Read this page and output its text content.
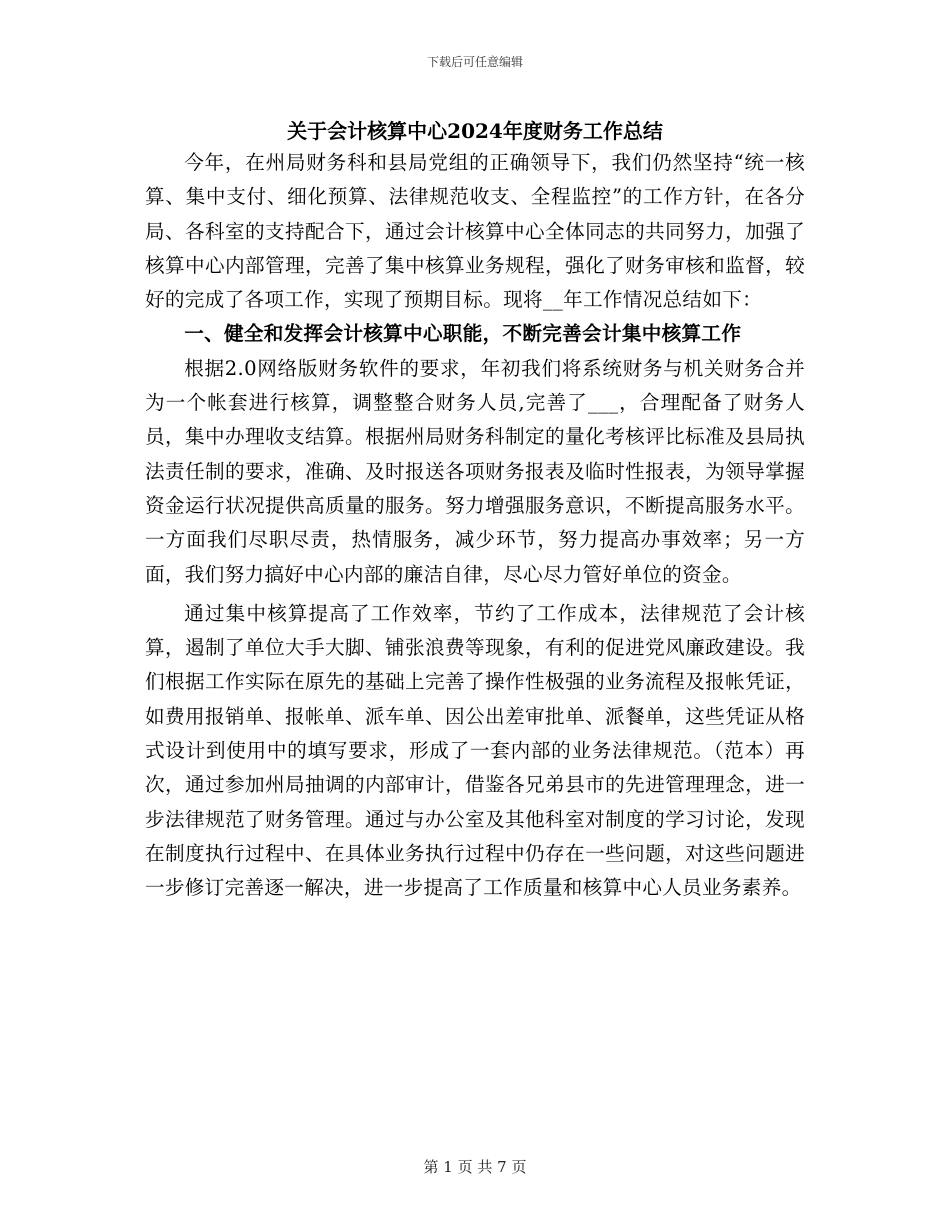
下载后可任意编辑
关于会计核算中心2024年度财务工作总结

今年，在州局财务科和县局党组的正确领导下，我们仍然坚持“统一核算、集中支付、细化预算、法律规范收支、全程监控”的工作方针，在各分局、各科室的支持配合下，通过会计核算中心全体同志的共同努力，加强了核算中心内部管理，完善了集中核算业务规程，强化了财务审核和监督，较好的完成了各项工作，实现了预期目标。现将__年工作情况总结如下：

一、健全和发挥会计核算中心职能，不断完善会计集中核算工作

根据2.0网络版财务软件的要求，年初我们将系统财务与机关财务合并为一个帐套进行核算，调整整合财务人员,完善了___，合理配备了财务人员，集中办理收支结算。根据州局财务科制定的量化考核评比标准及县局执法责任制的要求，准确、及时报送各项财务报表及临时性报表，为领导掌握资金运行状况提供高质量的服务。努力增强服务意识，不断提高服务水平。一方面我们尽职尽责，热情服务，减少环节，努力提高办事效率；另一方面，我们努力搞好中心内部的廉洁自律，尽心尽力管好单位的资金。

通过集中核算提高了工作效率，节约了工作成本，法律规范了会计核算，遏制了单位大手大脚、铺张浪费等现象，有利的促进党风廉政建设。我们根据工作实际在原先的基础上完善了操作性极强的业务流程及报帐凭证，如费用报销单、报帐单、派车单、因公出差审批单、派餐单，这些凭证从格式设计到使用中的填写要求，形成了一套内部的业务法律规范。（范本）再次，通过参加州局抽调的内部审计，借鉴各兄弟县市的先进管理理念，进一步法律规范了财务管理。通过与办公室及其他科室对制度的学习讨论，发现在制度执行过程中、在具体业务执行过程中仍存在一些问题，对这些问题进一步修订完善逐一解决，进一步提高了工作质量和核算中心人员业务素养。

第 1 页 共 7 页
